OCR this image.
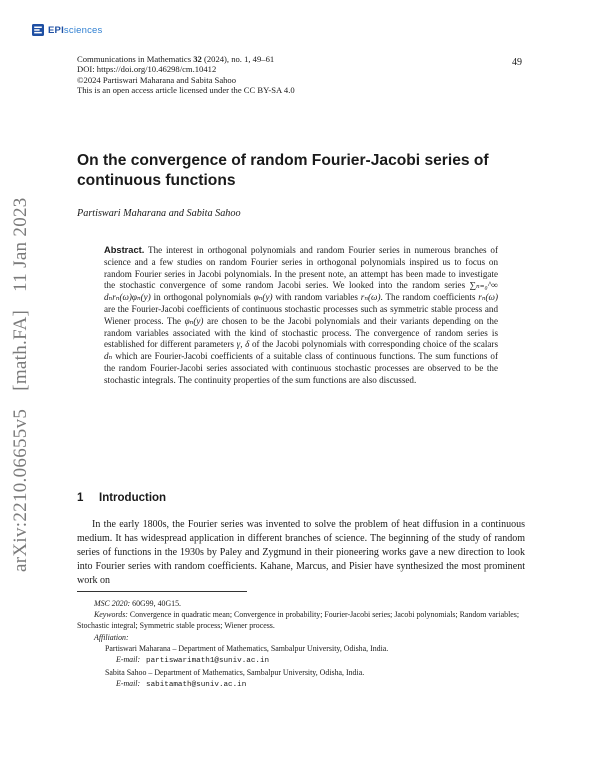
EPIsciences
Communications in Mathematics 32 (2024), no. 1, 49–61
DOI: https://doi.org/10.46298/cm.10412
©2024 Partiswari Maharana and Sabita Sahoo
This is an open access article licensed under the CC BY-SA 4.0
49
On the convergence of random Fourier-Jacobi series of continuous functions
Partiswari Maharana and Sabita Sahoo
Abstract. The interest in orthogonal polynomials and random Fourier series in numerous branches of science and a few studies on random Fourier series in orthogonal polynomials inspired us to focus on random Fourier series in Jacobi polynomials. In the present note, an attempt has been made to investigate the stochastic convergence of some random Jacobi series. We looked into the random series ∑ₙ₌₀^∞ dₙrₙ(ω)φₙ(y) in orthogonal polynomials φₙ(y) with random variables rₙ(ω). The random coefficients rₙ(ω) are the Fourier-Jacobi coefficients of continuous stochastic processes such as symmetric stable process and Wiener process. The φₙ(y) are chosen to be the Jacobi polynomials and their variants depending on the random variables associated with the kind of stochastic process. The convergence of random series is established for different parameters γ, δ of the Jacobi polynomials with corresponding choice of the scalars dₙ which are Fourier-Jacobi coefficients of a suitable class of continuous functions. The sum functions of the random Fourier-Jacobi series associated with continuous stochastic processes are observed to be the stochastic integrals. The continuity properties of the sum functions are also discussed.
1 Introduction

In the early 1800s, the Fourier series was invented to solve the problem of heat diffusion in a continuous medium. It has widespread application in different branches of science. The beginning of the study of random series of functions in the 1930s by Paley and Zygmund in their pioneering works gave a new direction to look into Fourier series with random coefficients. Kahane, Marcus, and Pisier have synthesized the most prominent work on

MSC 2020: 60G99, 40G15.
Keywords: Convergence in quadratic mean; Convergence in probability; Fourier-Jacobi series; Jacobi polynomials; Random variables; Stochastic integral; Symmetric stable process; Wiener process.
Affiliation:
Partiswari Maharana – Department of Mathematics, Sambalpur University, Odisha, India.
E-mail: partiswarimath1@suniv.ac.in
Sabita Sahoo – Department of Mathematics, Sambalpur University, Odisha, India.
E-mail: sabitamath@suniv.ac.in
arXiv:2210.06655v5[math.FA]11 Jan 2023
